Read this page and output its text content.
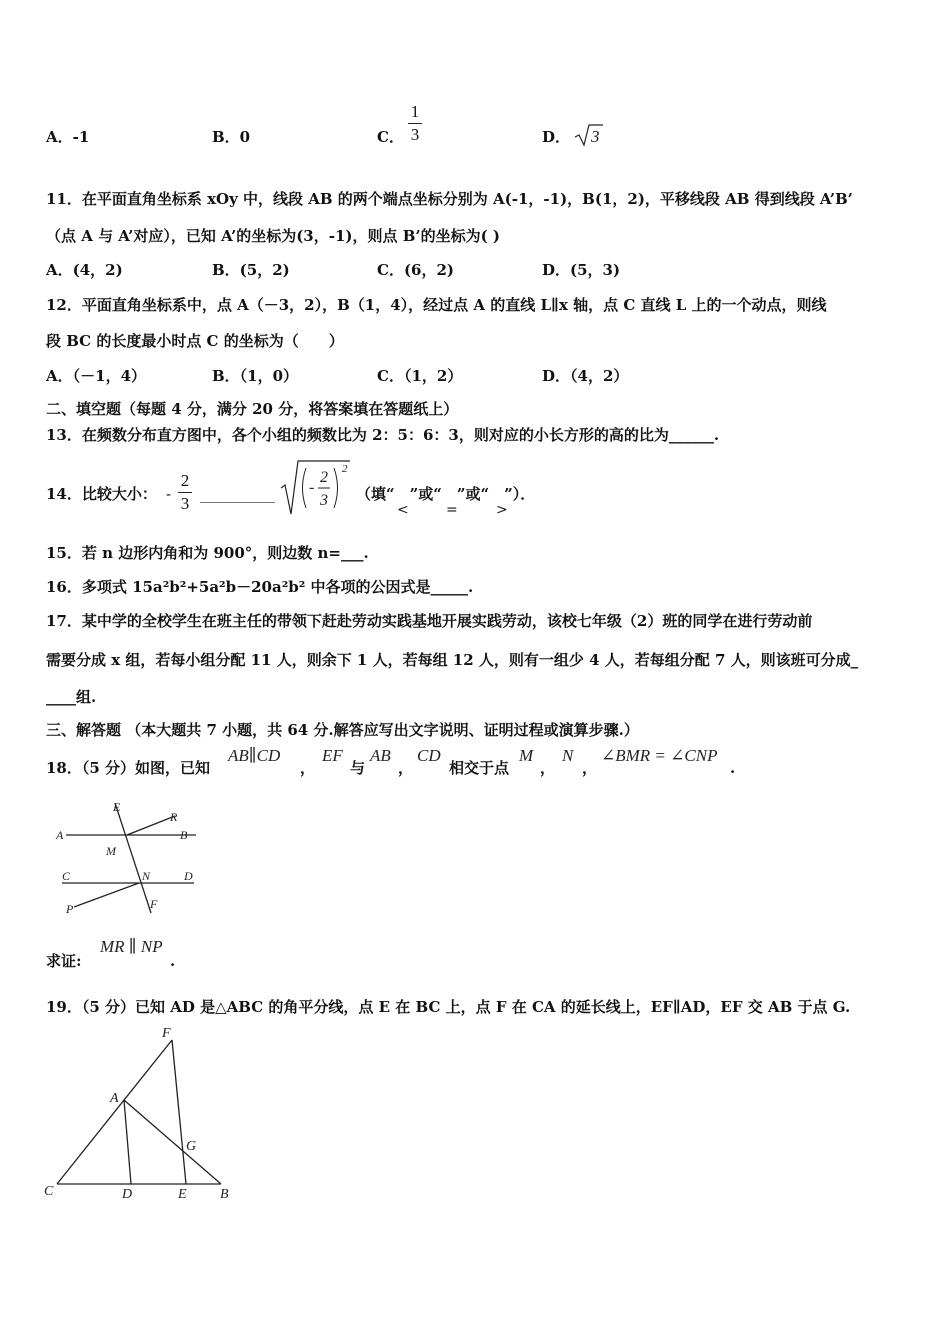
A．-1	B．0	C．
1
3	D． 3
11．在平面直角坐标系 xOy 中，线段 AB 的两个端点坐标分别为 A(-1，-1)，B(1，2)，平移线段 AB 得到线段 A’B’
（点 A 与 A’对应），已知 A’的坐标为(3，-1)，则点 B’的坐标为( )
A．(4，2)	B．(5，2)	C．(6，2)	D．(5，3)
12．平面直角坐标系中，点 A（－3，2），B（1，4），经过点 A 的直线 L∥x 轴，点 C 直线 L 上的一个动点，则线
段 BC 的长度最小时点 C 的坐标为（　　）
A．（－1，4）	B．（1，0）	C．（1，2）	D．（4，2）
二、填空题（每题 4 分，满分 20 分，将答案填在答题纸上）
13．在频数分布直方图中，各个小组的频数比为 2：5：6：3，则对应的小长方形的高的比为______.
14．比较大小： -
2
3 __________ -
2
3
2
（填“　”或“　”或“　”）．
<	=	>
15．若 n 边形内角和为 900°，则边数 n=___.
16．多项式 15a²b²+5a²b－20a²b² 中各项的公因式是_____.
17．某中学的全校学生在班主任的带领下赶赴劳动实践基地开展实践劳动，该校七年级（2）班的同学在进行劳动前
需要分成 x 组，若每小组分配 11 人，则余下 1 人，若每组 12 人，则有一组少 4 人，若每组分配 7 人，则该班可分成_
____组.
三、解答题 （本大题共 7 小题，共 64 分.解答应写出文字说明、证明过程或演算步骤.）
18．（5 分）如图，已知
AB∥CD
，
EF
与
AB
，
CD
相交于点
M
，
N
，
∠BMR = ∠CNP
.
E
R
A	B
M
C	N	D
P	F
求证:
MR ∥ NP
.
19．（5 分）已知 AD 是△ABC 的角平分线，点 E 在 BC 上，点 F 在 CA 的延长线上，EF∥AD，EF 交 AB 于点 G.
F
A
G
C	D	E B
